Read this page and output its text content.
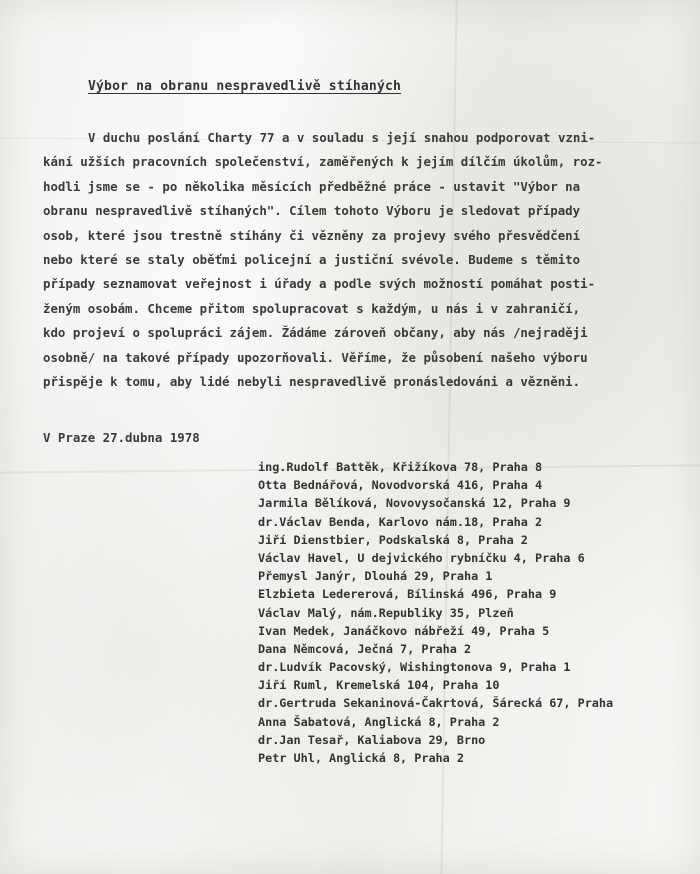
Výbor na obranu nespravedlivě stíhaných
V duchu poslání Charty 77 a v souladu s její snahou podporovat vzni-
kání užších pracovních společenství, zaměřených k jejím dílčím úkolům, roz-
hodli jsme se - po několika měsících předběžné práce - ustavit "Výbor na
obranu nespravedlivě stíhaných". Cílem tohoto Výboru je sledovat případy
osob, které jsou trestně stíhány či vězněny za projevy svého přesvědčení
nebo které se staly oběťmi policejní a justiční svévole. Budeme s těmito
případy seznamovat veřejnost i úřady a podle svých možností pomáhat posti-
ženým osobám. Chceme přitom spolupracovat s každým, u nás i v zahraničí,
kdo projeví o spolupráci zájem. Žádáme zároveň občany, aby nás /nejraději
osobně/ na takové případy upozorňovali. Věříme, že působení našeho výboru
přispěje k tomu, aby lidé nebyli nespravedlivě pronásledováni a vězněni.
V Praze 27.dubna 1978
ing.Rudolf Battěk, Křižíkova 78, Praha 8
Otta Bednářová, Novodvorská 416, Praha 4
Jarmila Bělíková, Novovysočanská 12, Praha 9
dr.Václav Benda, Karlovo nám.18, Praha 2
Jiří Dienstbier, Podskalská 8, Praha 2
Václav Havel, U dejvického rybníčku 4, Praha 6
Přemysl Janýr, Dlouhá 29, Praha 1
Elzbieta Ledererová, Bílinská 496, Praha 9
Václav Malý, nám.Republiky 35, Plzeň
Ivan Medek, Janáčkovo nábřeží 49, Praha 5
Dana Němcová, Ječná 7, Praha 2
dr.Ludvík Pacovský, Wishingtonova 9, Praha 1
Jiří Ruml, Kremelská 104, Praha 10
dr.Gertruda Sekaninová-Čakrtová, Šárecká 67, Praha
Anna Šabatová, Anglická 8, Praha 2
dr.Jan Tesař, Kaliabova 29, Brno
Petr Uhl, Anglická 8, Praha 2
